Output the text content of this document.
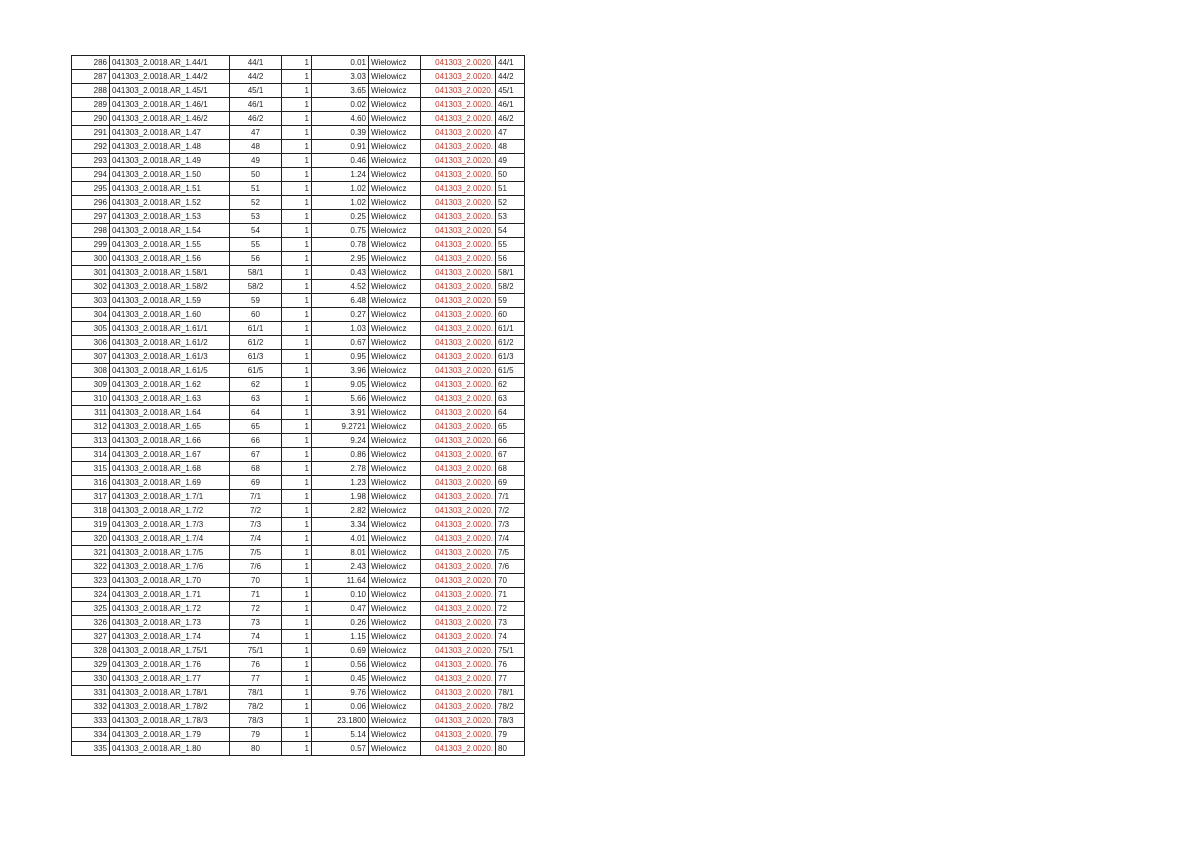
286	041303_2.0018.AR_1.44/1	44/1	1	0.01	Wielowicz	041303_2.0020.	44/1
287	041303_2.0018.AR_1.44/2	44/2	1	3.03	Wielowicz	041303_2.0020.	44/2
288	041303_2.0018.AR_1.45/1	45/1	1	3.65	Wielowicz	041303_2.0020.	45/1
289	041303_2.0018.AR_1.46/1	46/1	1	0.02	Wielowicz	041303_2.0020.	46/1
290	041303_2.0018.AR_1.46/2	46/2	1	4.60	Wielowicz	041303_2.0020.	46/2
291	041303_2.0018.AR_1.47	47	1	0.39	Wielowicz	041303_2.0020.	47
292	041303_2.0018.AR_1.48	48	1	0.91	Wielowicz	041303_2.0020.	48
293	041303_2.0018.AR_1.49	49	1	0.46	Wielowicz	041303_2.0020.	49
294	041303_2.0018.AR_1.50	50	1	1.24	Wielowicz	041303_2.0020.	50
295	041303_2.0018.AR_1.51	51	1	1.02	Wielowicz	041303_2.0020.	51
296	041303_2.0018.AR_1.52	52	1	1.02	Wielowicz	041303_2.0020.	52
297	041303_2.0018.AR_1.53	53	1	0.25	Wielowicz	041303_2.0020.	53
298	041303_2.0018.AR_1.54	54	1	0.75	Wielowicz	041303_2.0020.	54
299	041303_2.0018.AR_1.55	55	1	0.78	Wielowicz	041303_2.0020.	55
300	041303_2.0018.AR_1.56	56	1	2.95	Wielowicz	041303_2.0020.	56
301	041303_2.0018.AR_1.58/1	58/1	1	0.43	Wielowicz	041303_2.0020.	58/1
302	041303_2.0018.AR_1.58/2	58/2	1	4.52	Wielowicz	041303_2.0020.	58/2
303	041303_2.0018.AR_1.59	59	1	6.48	Wielowicz	041303_2.0020.	59
304	041303_2.0018.AR_1.60	60	1	0.27	Wielowicz	041303_2.0020.	60
305	041303_2.0018.AR_1.61/1	61/1	1	1.03	Wielowicz	041303_2.0020.	61/1
306	041303_2.0018.AR_1.61/2	61/2	1	0.67	Wielowicz	041303_2.0020.	61/2
307	041303_2.0018.AR_1.61/3	61/3	1	0.95	Wielowicz	041303_2.0020.	61/3
308	041303_2.0018.AR_1.61/5	61/5	1	3.96	Wielowicz	041303_2.0020.	61/5
309	041303_2.0018.AR_1.62	62	1	9.05	Wielowicz	041303_2.0020.	62
310	041303_2.0018.AR_1.63	63	1	5.66	Wielowicz	041303_2.0020.	63
311	041303_2.0018.AR_1.64	64	1	3.91	Wielowicz	041303_2.0020.	64
312	041303_2.0018.AR_1.65	65	1	9.2721	Wielowicz	041303_2.0020.	65
313	041303_2.0018.AR_1.66	66	1	9.24	Wielowicz	041303_2.0020.	66
314	041303_2.0018.AR_1.67	67	1	0.86	Wielowicz	041303_2.0020.	67
315	041303_2.0018.AR_1.68	68	1	2.78	Wielowicz	041303_2.0020.	68
316	041303_2.0018.AR_1.69	69	1	1.23	Wielowicz	041303_2.0020.	69
317	041303_2.0018.AR_1.7/1	7/1	1	1.98	Wielowicz	041303_2.0020.	7/1
318	041303_2.0018.AR_1.7/2	7/2	1	2.82	Wielowicz	041303_2.0020.	7/2
319	041303_2.0018.AR_1.7/3	7/3	1	3.34	Wielowicz	041303_2.0020.	7/3
320	041303_2.0018.AR_1.7/4	7/4	1	4.01	Wielowicz	041303_2.0020.	7/4
321	041303_2.0018.AR_1.7/5	7/5	1	8.01	Wielowicz	041303_2.0020.	7/5
322	041303_2.0018.AR_1.7/6	7/6	1	2.43	Wielowicz	041303_2.0020.	7/6
323	041303_2.0018.AR_1.70	70	1	11.64	Wielowicz	041303_2.0020.	70
324	041303_2.0018.AR_1.71	71	1	0.10	Wielowicz	041303_2.0020.	71
325	041303_2.0018.AR_1.72	72	1	0.47	Wielowicz	041303_2.0020.	72
326	041303_2.0018.AR_1.73	73	1	0.26	Wielowicz	041303_2.0020.	73
327	041303_2.0018.AR_1.74	74	1	1.15	Wielowicz	041303_2.0020.	74
328	041303_2.0018.AR_1.75/1	75/1	1	0.69	Wielowicz	041303_2.0020.	75/1
329	041303_2.0018.AR_1.76	76	1	0.56	Wielowicz	041303_2.0020.	76
330	041303_2.0018.AR_1.77	77	1	0.45	Wielowicz	041303_2.0020.	77
331	041303_2.0018.AR_1.78/1	78/1	1	9.76	Wielowicz	041303_2.0020.	78/1
332	041303_2.0018.AR_1.78/2	78/2	1	0.06	Wielowicz	041303_2.0020.	78/2
333	041303_2.0018.AR_1.78/3	78/3	1	23.1800	Wielowicz	041303_2.0020.	78/3
334	041303_2.0018.AR_1.79	79	1	5.14	Wielowicz	041303_2.0020.	79
335	041303_2.0018.AR_1.80	80	1	0.57	Wielowicz	041303_2.0020.	80
